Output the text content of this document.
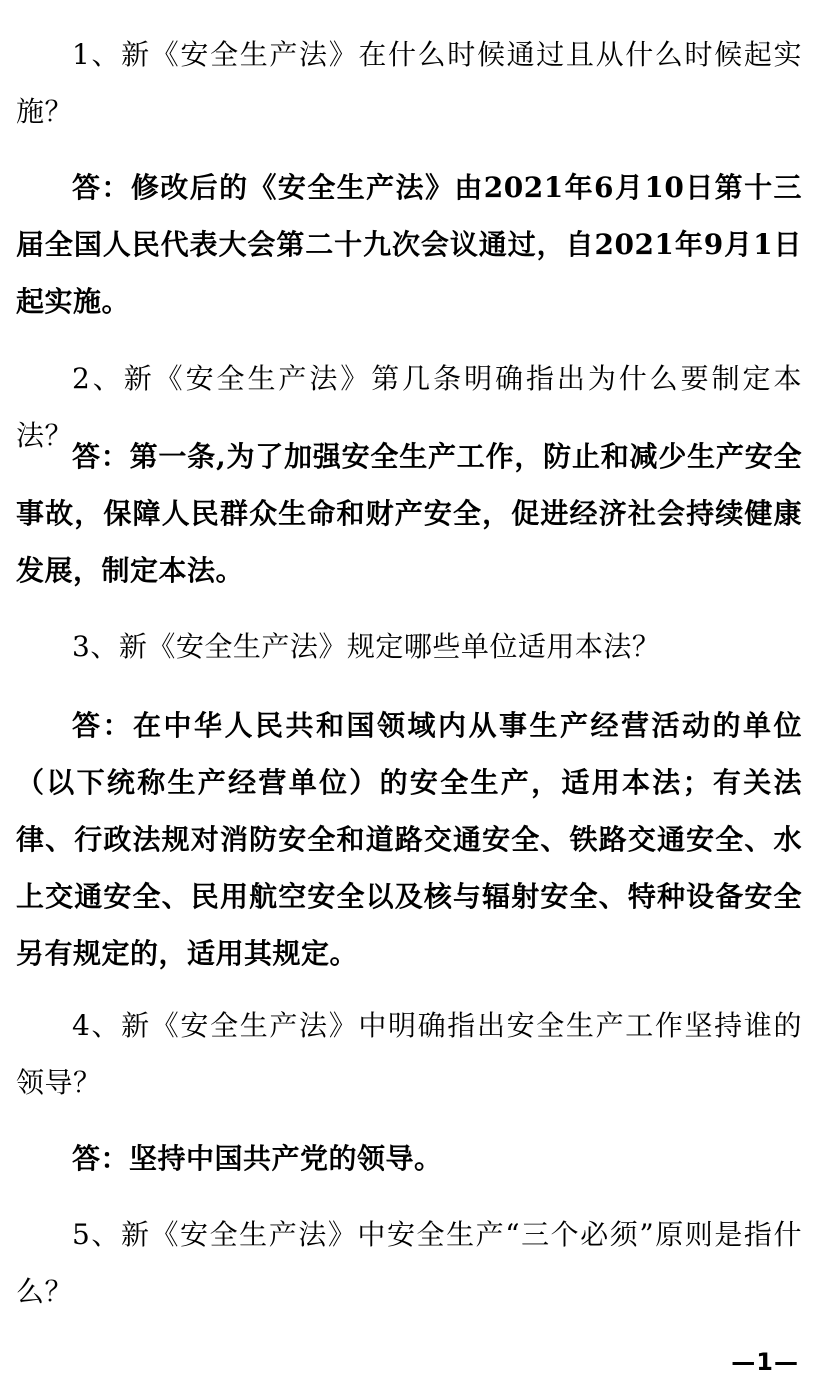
1、新《安全生产法》在什么时候通过且从什么时候起实施？

答：修改后的《安全生产法》由2021年6月10日第十三届全国人民代表大会第二十九次会议通过，自2021年9月1日起实施。

2、新《安全生产法》第几条明确指出为什么要制定本法？

答：第一条,为了加强安全生产工作，防止和减少生产安全事故，保障人民群众生命和财产安全，促进经济社会持续健康发展，制定本法。

3、新《安全生产法》规定哪些单位适用本法？

答：在中华人民共和国领域内从事生产经营活动的单位（以下统称生产经营单位）的安全生产，适用本法；有关法律、行政法规对消防安全和道路交通安全、铁路交通安全、水上交通安全、民用航空安全以及核与辐射安全、特种设备安全另有规定的，适用其规定。

4、新《安全生产法》中明确指出安全生产工作坚持谁的领导？

答：坚持中国共产党的领导。

5、新《安全生产法》中安全生产“三个必须”原则是指什么？

—1—
